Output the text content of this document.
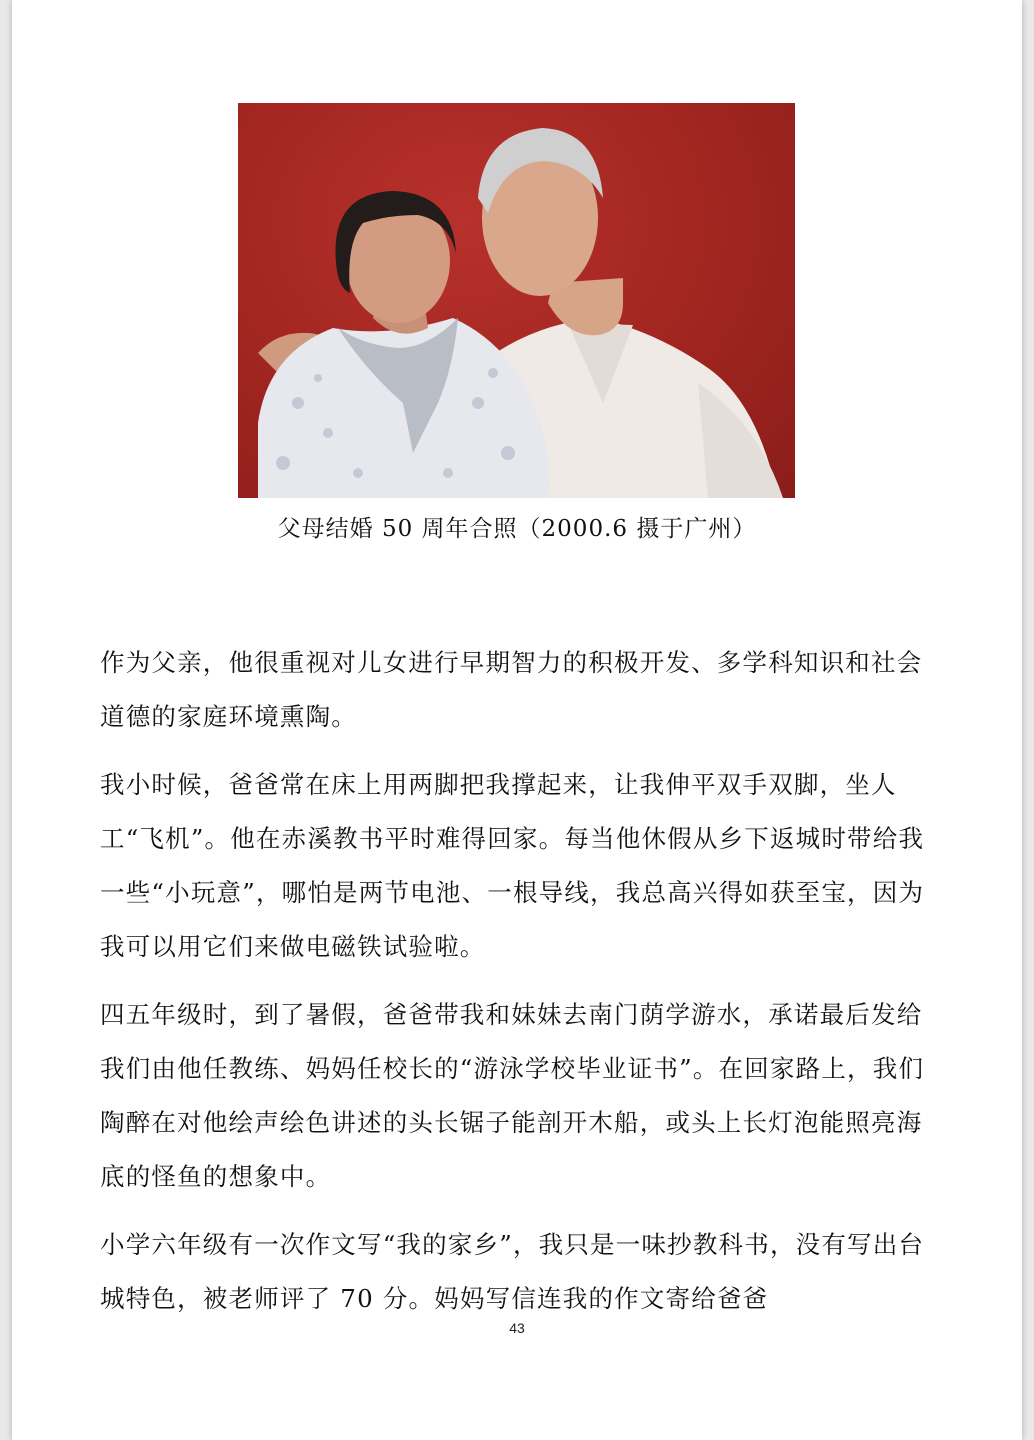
父母结婚 50 周年合照（2000.6 摄于广州）

作为父亲，他很重视对儿女进行早期智力的积极开发、多学科知识和社会道德的家庭环境熏陶。

我小时候，爸爸常在床上用两脚把我撑起来，让我伸平双手双脚，坐人工“飞机”。他在赤溪教书平时难得回家。每当他休假从乡下返城时带给我一些“小玩意”，哪怕是两节电池、一根导线，我总高兴得如获至宝，因为我可以用它们来做电磁铁试验啦。

四五年级时，到了暑假，爸爸带我和妹妹去南门荫学游水，承诺最后发给我们由他任教练、妈妈任校长的“游泳学校毕业证书”。在回家路上，我们陶醉在对他绘声绘色讲述的头长锯子能剖开木船，或头上长灯泡能照亮海底的怪鱼的想象中。

小学六年级有一次作文写“我的家乡”，我只是一味抄教科书，没有写出台城特色，被老师评了 70 分。妈妈写信连我的作文寄给爸爸

43
